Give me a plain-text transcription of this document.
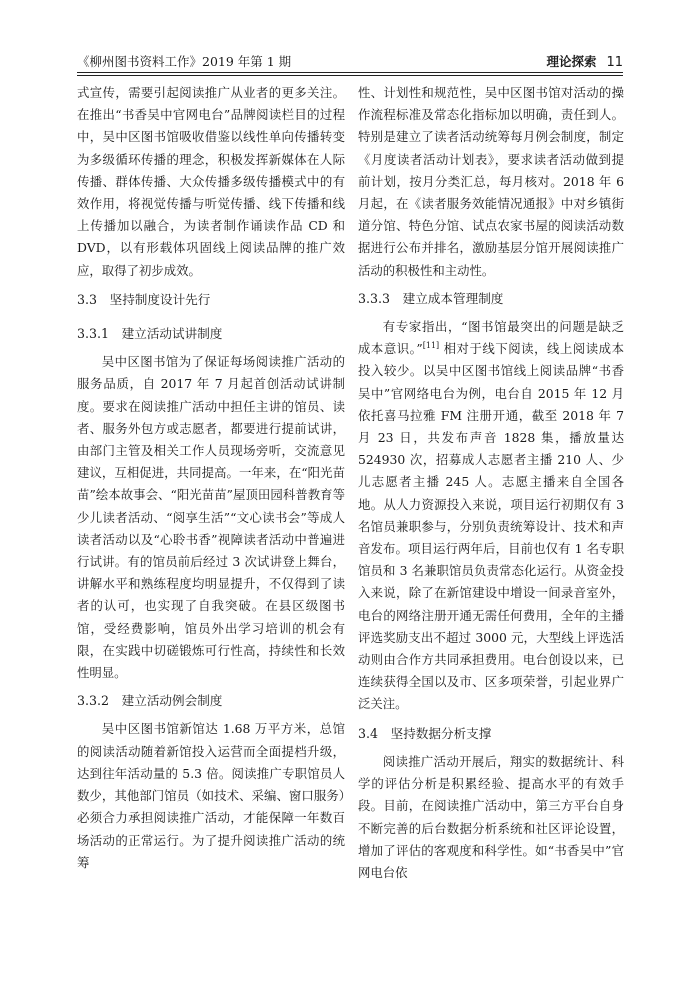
《柳州图书资料工作》2019 年第 1 期	理论探索 11

式宣传，需要引起阅读推广从业者的更多关注。在推出“书香吴中官网电台”品牌阅读栏目的过程中，吴中区图书馆吸收借鉴以线性单向传播转变为多级循环传播的理念，积极发挥新媒体在人际传播、群体传播、大众传播多级传播模式中的有效作用，将视觉传播与听觉传播、线下传播和线上传播加以融合，为读者制作诵读作品 CD 和 DVD，以有形载体巩固线上阅读品牌的推广效应，取得了初步成效。

3.3　坚持制度设计先行
3.3.1　建立活动试讲制度

吴中区图书馆为了保证每场阅读推广活动的服务品质，自 2017 年 7 月起首创活动试讲制度。要求在阅读推广活动中担任主讲的馆员、读者、服务外包方或志愿者，都要进行提前试讲，由部门主管及相关工作人员现场旁听，交流意见建议，互相促进，共同提高。一年来，在“阳光苗苗”绘本故事会、“阳光苗苗”屋顶田园科普教育等少儿读者活动、“阅享生活”“文心读书会”等成人读者活动以及“心聆书香”视障读者活动中普遍进行试讲。有的馆员前后经过 3 次试讲登上舞台，讲解水平和熟练程度均明显提升，不仅得到了读者的认可，也实现了自我突破。在县区级图书馆，受经费影响，馆员外出学习培训的机会有限，在实践中切磋锻炼可行性高，持续性和长效性明显。

3.3.2　建立活动例会制度

吴中区图书馆新馆达 1.68 万平方米，总馆的阅读活动随着新馆投入运营而全面提档升级，达到往年活动量的 5.3 倍。阅读推广专职馆员人数少，其他部门馆员（如技术、采编、窗口服务）必须合力承担阅读推广活动，才能保障一年数百场活动的正常运行。为了提升阅读推广活动的统筹

性、计划性和规范性，吴中区图书馆对活动的操作流程标准及常态化指标加以明确，责任到人。特别是建立了读者活动统筹每月例会制度，制定《月度读者活动计划表》，要求读者活动做到提前计划，按月分类汇总，每月核对。2018 年 6 月起，在《读者服务效能情况通报》中对乡镇街道分馆、特色分馆、试点农家书屋的阅读活动数据进行公布并排名，激励基层分馆开展阅读推广活动的积极性和主动性。

3.3.3　建立成本管理制度

有专家指出，“图书馆最突出的问题是缺乏成本意识。”[11] 相对于线下阅读，线上阅读成本投入较少。以吴中区图书馆线上阅读品牌“书香吴中”官网络电台为例，电台自 2015 年 12 月依托喜马拉雅 FM 注册开通，截至 2018 年 7 月 23 日，共发布声音 1828 集，播放量达 524930 次，招募成人志愿者主播 210 人、少儿志愿者主播 245 人。志愿主播来自全国各地。从人力资源投入来说，项目运行初期仅有 3 名馆员兼职参与，分别负责统筹设计、技术和声音发布。项目运行两年后，目前也仅有 1 名专职馆员和 3 名兼职馆员负责常态化运行。从资金投入来说，除了在新馆建设中增设一间录音室外，电台的网络注册开通无需任何费用，全年的主播评选奖励支出不超过 3000 元，大型线上评选活动则由合作方共同承担费用。电台创设以来，已连续获得全国以及市、区多项荣誉，引起业界广泛关注。

3.4　坚持数据分析支撑

阅读推广活动开展后，翔实的数据统计、科学的评估分析是积累经验、提高水平的有效手段。目前，在阅读推广活动中，第三方平台自身不断完善的后台数据分析系统和社区评论设置，增加了评估的客观度和科学性。如“书香吴中”官网电台依
